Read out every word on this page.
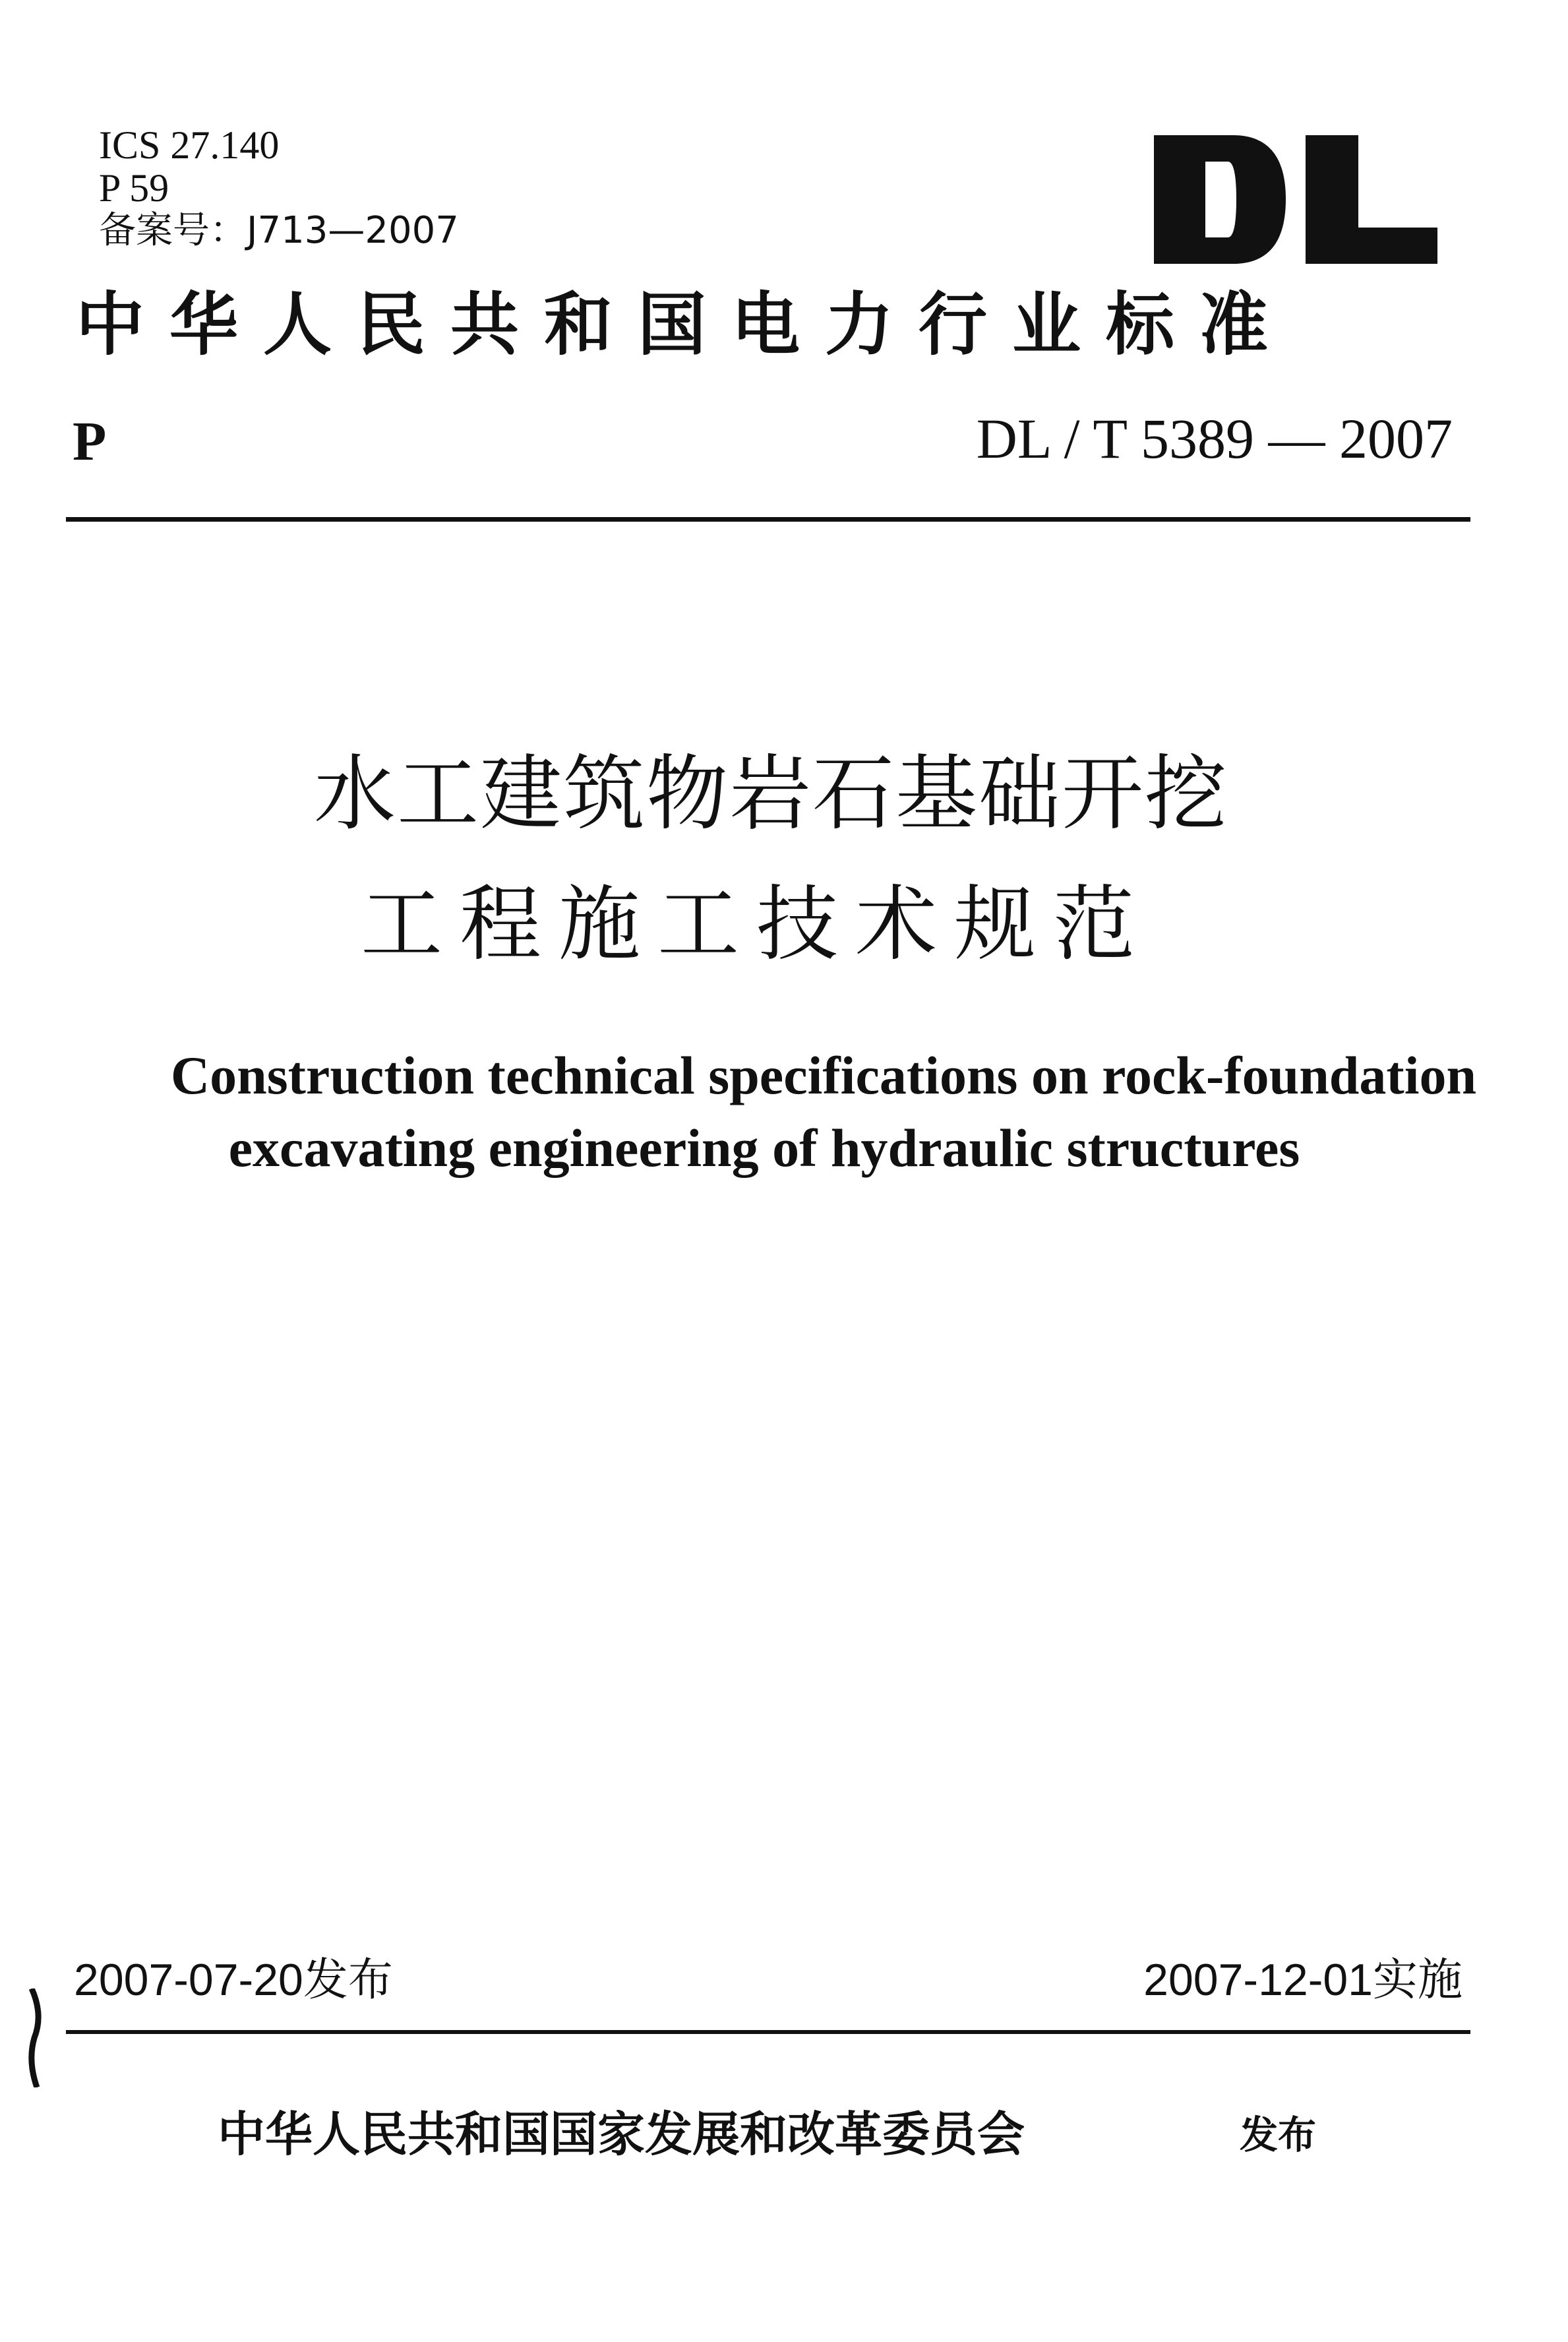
ICS 27.140
P 59
备案号：J713—2007
中华人民共和国电力行业标准
P	DL / T 5389 — 2007
水工建筑物岩石基础开挖
工程施工技术规范
Construction technical specifications on rock-foundation
excavating engineering of hydraulic structures
2007-07-20发布	2007-12-01实施
中华人民共和国国家发展和改革委员会	发布
